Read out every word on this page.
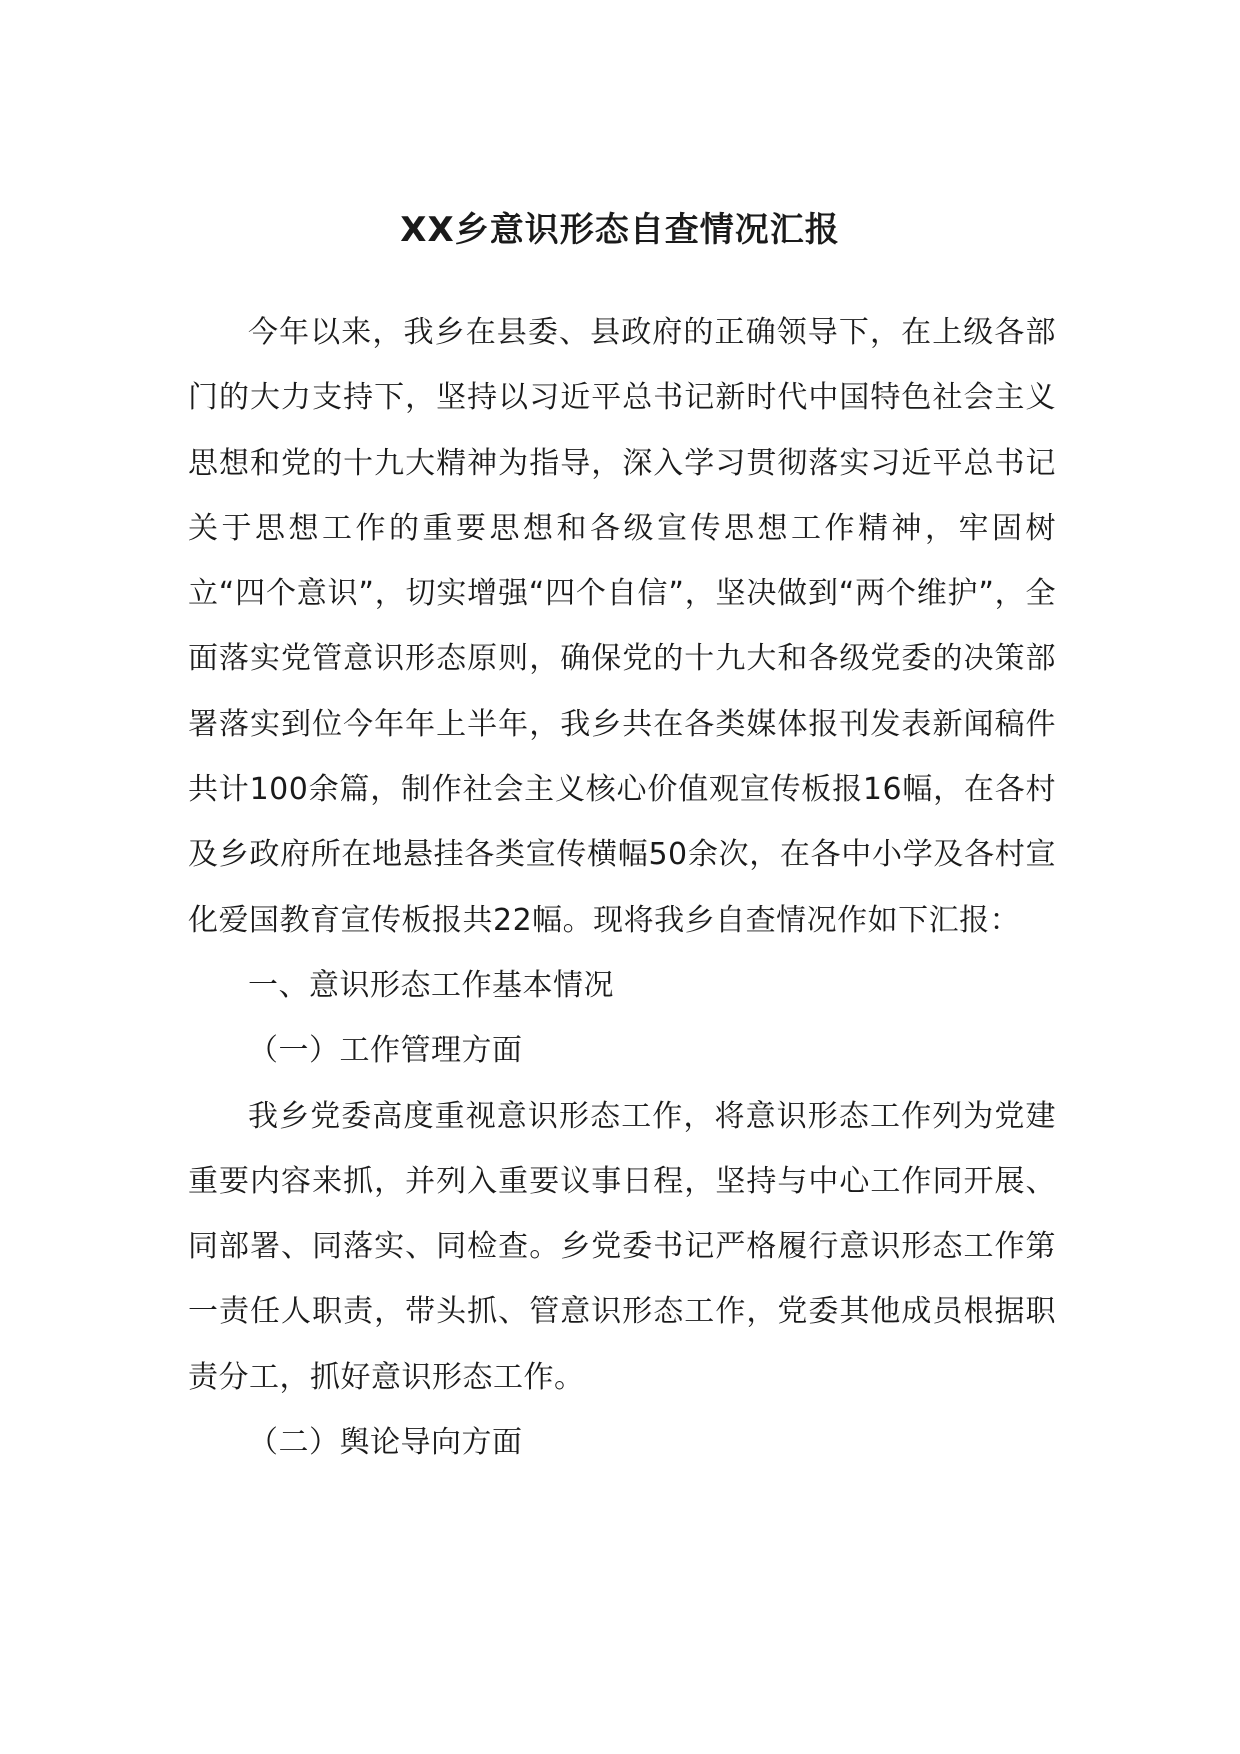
XX乡意识形态自查情况汇报

今年以来，我乡在县委、县政府的正确领导下，在上级各部门的大力支持下，坚持以习近平总书记新时代中国特色社会主义思想和党的十九大精神为指导，深入学习贯彻落实习近平总书记关于思想工作的重要思想和各级宣传思想工作精神，牢固树立“四个意识”，切实增强“四个自信”，坚决做到“两个维护”，全面落实党管意识形态原则，确保党的十九大和各级党委的决策部署落实到位今年年上半年，我乡共在各类媒体报刊发表新闻稿件共计100余篇，制作社会主义核心价值观宣传板报16幅，在各村及乡政府所在地悬挂各类宣传横幅50余次，在各中小学及各村宣化爱国教育宣传板报共22幅。现将我乡自查情况作如下汇报：

一、意识形态工作基本情况

（一）工作管理方面

我乡党委高度重视意识形态工作，将意识形态工作列为党建重要内容来抓，并列入重要议事日程，坚持与中心工作同开展、同部署、同落实、同检查。乡党委书记严格履行意识形态工作第一责任人职责，带头抓、管意识形态工作，党委其他成员根据职责分工，抓好意识形态工作。

（二）舆论导向方面
